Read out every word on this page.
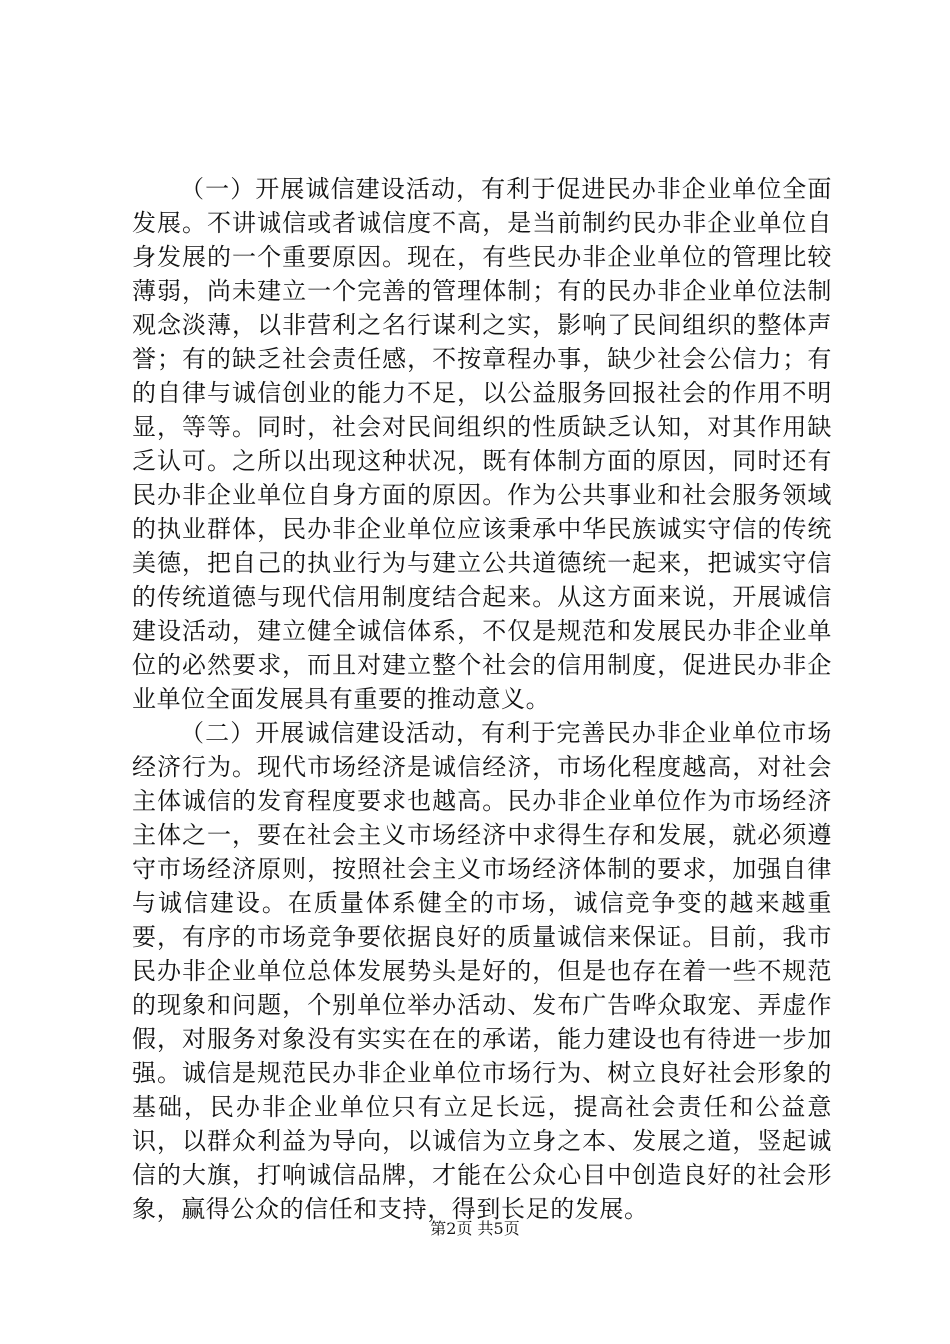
（一）开展诚信建设活动，有利于促进民办非企业单位全面发展。不讲诚信或者诚信度不高，是当前制约民办非企业单位自身发展的一个重要原因。现在，有些民办非企业单位的管理比较薄弱，尚未建立一个完善的管理体制；有的民办非企业单位法制观念淡薄，以非营利之名行谋利之实，影响了民间组织的整体声誉；有的缺乏社会责任感，不按章程办事，缺少社会公信力；有的自律与诚信创业的能力不足，以公益服务回报社会的作用不明显，等等。同时，社会对民间组织的性质缺乏认知，对其作用缺乏认可。之所以出现这种状况，既有体制方面的原因，同时还有民办非企业单位自身方面的原因。作为公共事业和社会服务领域的执业群体，民办非企业单位应该秉承中华民族诚实守信的传统美德，把自己的执业行为与建立公共道德统一起来，把诚实守信的传统道德与现代信用制度结合起来。从这方面来说，开展诚信建设活动，建立健全诚信体系，不仅是规范和发展民办非企业单位的必然要求，而且对建立整个社会的信用制度，促进民办非企业单位全面发展具有重要的推动意义。

（二）开展诚信建设活动，有利于完善民办非企业单位市场经济行为。现代市场经济是诚信经济，市场化程度越高，对社会主体诚信的发育程度要求也越高。民办非企业单位作为市场经济主体之一，要在社会主义市场经济中求得生存和发展，就必须遵守市场经济原则，按照社会主义市场经济体制的要求，加强自律与诚信建设。在质量体系健全的市场，诚信竞争变的越来越重要，有序的市场竞争要依据良好的质量诚信来保证。目前，我市民办非企业单位总体发展势头是好的，但是也存在着一些不规范的现象和问题，个别单位举办活动、发布广告哗众取宠、弄虚作假，对服务对象没有实实在在的承诺，能力建设也有待进一步加强。诚信是规范民办非企业单位市场行为、树立良好社会形象的基础，民办非企业单位只有立足长远，提高社会责任和公益意识，以群众利益为导向，以诚信为立身之本、发展之道，竖起诚信的大旗，打响诚信品牌，才能在公众心目中创造良好的社会形象，赢得公众的信任和支持，得到长足的发展。

第2页 共5页
